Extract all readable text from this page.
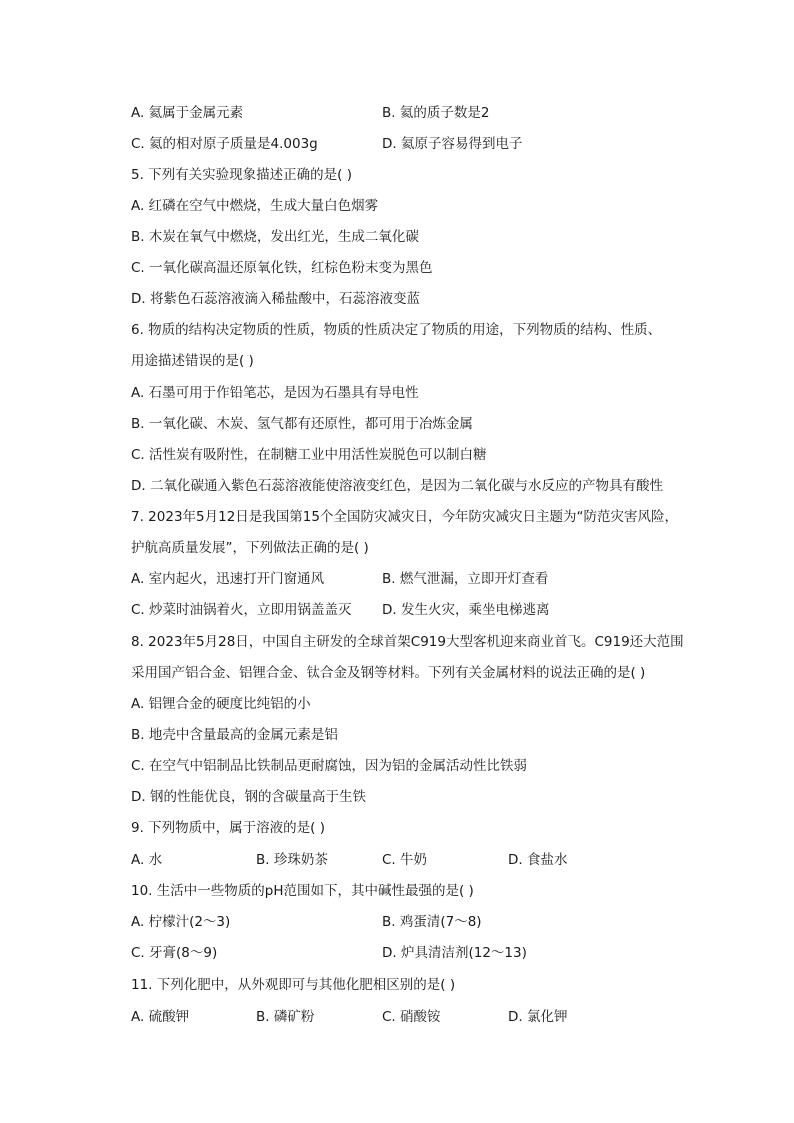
A. 氦属于金属元素	B. 氦的质子数是2
C. 氦的相对原子质量是4.003g	D. 氦原子容易得到电子
5. 下列有关实验现象描述正确的是( )
A. 红磷在空气中燃烧，生成大量白色烟雾
B. 木炭在氧气中燃烧，发出红光，生成二氧化碳
C. 一氧化碳高温还原氧化铁，红棕色粉末变为黑色
D. 将紫色石蕊溶液滴入稀盐酸中，石蕊溶液变蓝
6. 物质的结构决定物质的性质，物质的性质决定了物质的用途，下列物质的结构、性质、
用途描述错误的是( )
A. 石墨可用于作铅笔芯，是因为石墨具有导电性
B. 一氧化碳、木炭、氢气都有还原性，都可用于冶炼金属
C. 活性炭有吸附性，在制糖工业中用活性炭脱色可以制白糖
D. 二氧化碳通入紫色石蕊溶液能使溶液变红色，是因为二氧化碳与水反应的产物具有酸性
7. 2023年5月12日是我国第15个全国防灾减灾日，今年防灾减灾日主题为“防范灾害风险，
护航高质量发展”，下列做法正确的是( )
A. 室内起火，迅速打开门窗通风	B. 燃气泄漏，立即开灯查看
C. 炒菜时油锅着火，立即用锅盖盖灭 D. 发生火灾，乘坐电梯逃离
8. 2023年5月28日，中国自主研发的全球首架C919大型客机迎来商业首飞。C919还大范围
采用国产铝合金、铝锂合金、钛合金及钢等材料。下列有关金属材料的说法正确的是( )
A. 铝锂合金的硬度比纯铝的小
B. 地壳中含量最高的金属元素是铝
C. 在空气中铝制品比铁制品更耐腐蚀，因为铝的金属活动性比铁弱
D. 钢的性能优良，钢的含碳量高于生铁
9. 下列物质中，属于溶液的是( )
A. 水	B. 珍珠奶茶	C. 牛奶	D. 食盐水
10. 生活中一些物质的pH范围如下，其中碱性最强的是( )
A. 柠檬汁(2～3)	B. 鸡蛋清(7～8)
C. 牙膏(8～9)	D. 炉具清洁剂(12～13)
11. 下列化肥中，从外观即可与其他化肥相区别的是( )
A. 硫酸钾	B. 磷矿粉	C. 硝酸铵	D. 氯化钾
